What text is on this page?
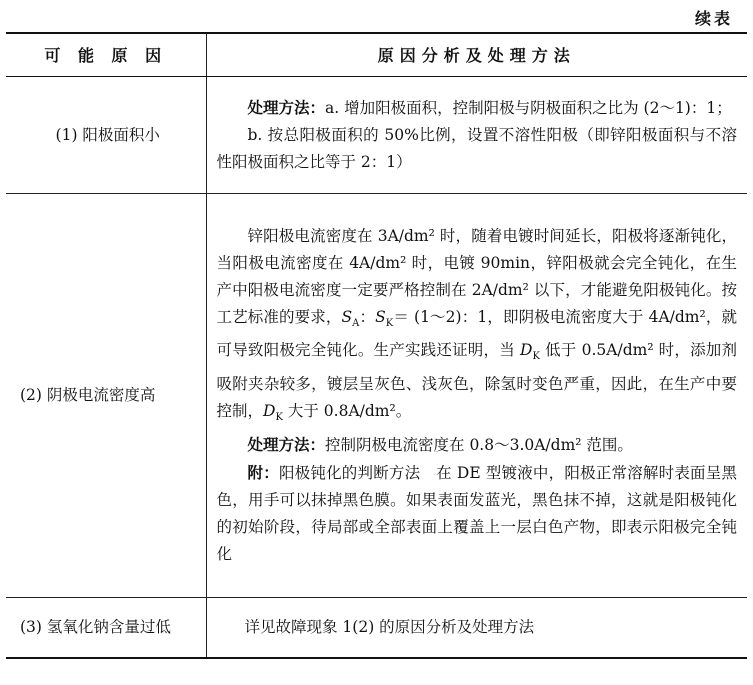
续表
可 能 原 因	原因分析及处理方法
(1) 阳极面积小	处理方法：a. 增加阳极面积，控制阳极与阴极面积之比为 (2～1)：1；

b. 按总阳极面积的 50%比例，设置不溶性阳极（即锌阳极面积与不溶性阳极面积之比等于 2：1）

(2) 阴极电流密度高	锌阳极电流密度在 3A/dm² 时，随着电镀时间延长，阳极将逐渐钝化，当阳极电流密度在 4A/dm² 时，电镀 90min，锌阳极就会完全钝化，在生产中阳极电流密度一定要严格控制在 2A/dm² 以下，才能避免阳极钝化。按工艺标准的要求，$S_A$：$S_K=$ (1～2)：1，即阴极电流密度大于 4A/dm²，就可导致阳极完全钝化。生产实践还证明，当 $D_K$ 低于 0.5A/dm² 时，添加剂吸附夹杂较多，镀层呈灰色、浅灰色，除氢时变色严重，因此，在生产中要控制，$D_K$ 大于 0.8A/dm²。

处理方法：控制阴极电流密度在 0.8～3.0A/dm² 范围。

附：阳极钝化的判断方法　在 DE 型镀液中，阳极正常溶解时表面呈黑色，用手可以抹掉黑色膜。如果表面发蓝光，黑色抹不掉，这就是阳极钝化的初始阶段，待局部或全部表面上覆盖上一层白色产物，即表示阳极完全钝化

(3) 氢氧化钠含量过低	详见故障现象 1(2) 的原因分析及处理方法
